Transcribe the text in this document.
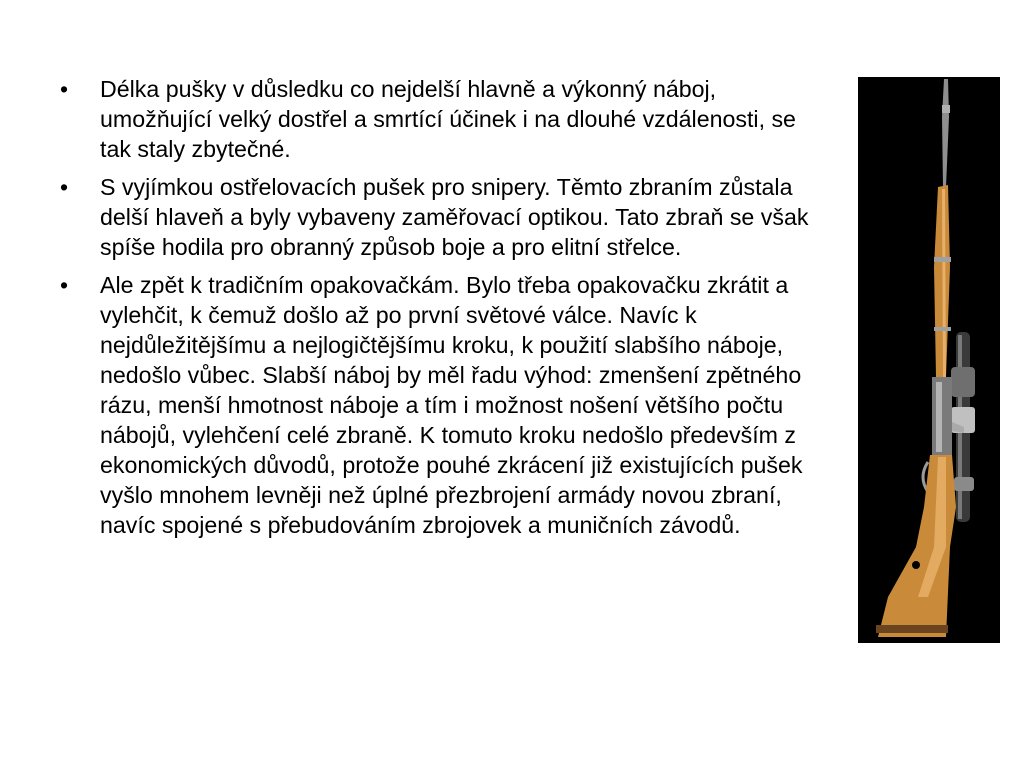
•	Délka pušky v důsledku co nejdelší hlavně a výkonný náboj, umožňující velký dostřel a smrtící účinek i na dlouhé vzdálenosti, se tak staly zbytečné.
•	S vyjímkou ostřelovacích pušek pro snipery. Těmto zbraním zůstala delší hlaveň a byly vybaveny zaměřovací optikou. Tato zbraň se však spíše hodila pro obranný způsob boje a pro elitní střelce.
•	Ale zpět k tradičním opakovačkám. Bylo třeba opakovačku zkrátit a vylehčit, k čemuž došlo až po první světové válce. Navíc k nejdůležitějšímu a nejlogičtějšímu kroku, k použití slabšího náboje, nedošlo vůbec. Slabší náboj by měl řadu výhod: zmenšení zpětného rázu, menší hmotnost náboje a tím i možnost nošení většího počtu nábojů, vylehčení celé zbraně. K tomuto kroku nedošlo především z ekonomických důvodů, protože pouhé zkrácení již existujících pušek vyšlo mnohem levněji než úplné přezbrojení armády novou zbraní, navíc spojené s přebudováním zbrojovek a muničních závodů.
